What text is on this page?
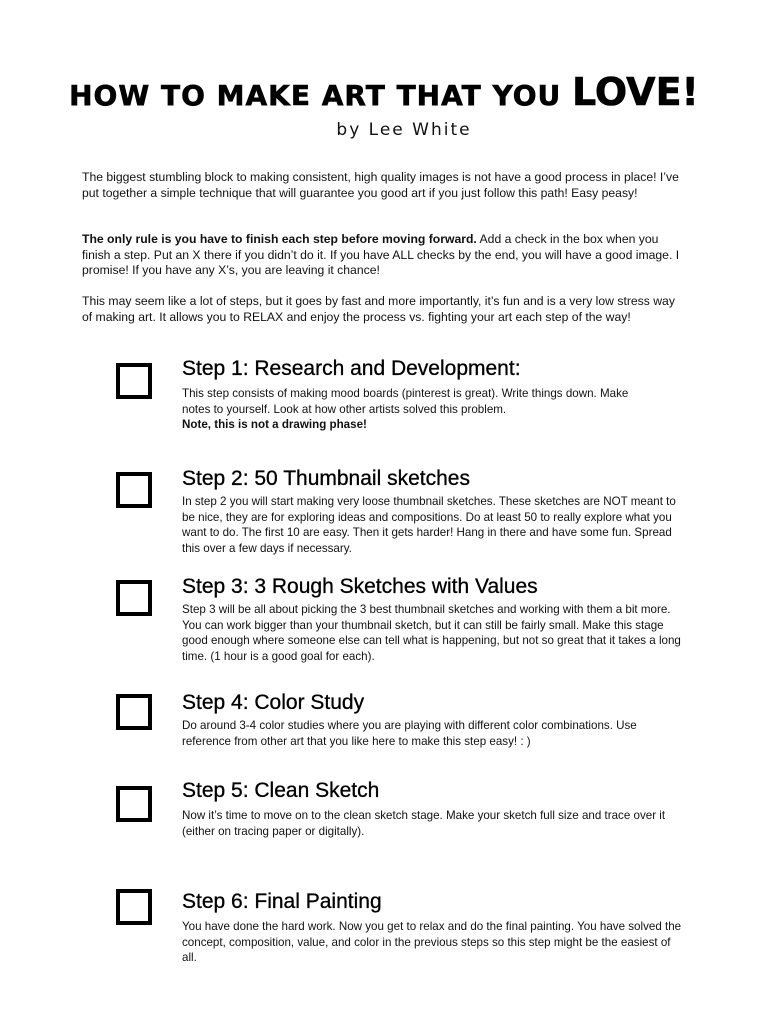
HOW TO MAKE ART THAT YOU LOVE!
by Lee White

The biggest stumbling block to making consistent, high quality images is not have a good process in place! I’ve put together a simple technique that will guarantee you good art if you just follow this path! Easy peasy!

The only rule is you have to finish each step before moving forward. Add a check in the box when you finish a step. Put an X there if you didn’t do it. If you have ALL checks by the end, you will have a good image. I promise! If you have any X’s, you are leaving it chance!

This may seem like a lot of steps, but it goes by fast and more importantly, it’s fun and is a very low stress way of making art. It allows you to RELAX and enjoy the process vs. fighting your art each step of the way!

Step 1: Research and Development:

This step consists of making mood boards (pinterest is great). Write things down. Make notes to yourself. Look at how other artists solved this problem.
Note, this is not a drawing phase!

Step 2: 50 Thumbnail sketches

In step 2 you will start making very loose thumbnail sketches. These sketches are NOT meant to be nice, they are for exploring ideas and compositions. Do at least 50 to really explore what you want to do. The first 10 are easy. Then it gets harder! Hang in there and have some fun. Spread this over a few days if necessary.

Step 3: 3 Rough Sketches with Values

Step 3 will be all about picking the 3 best thumbnail sketches and working with them a bit more. You can work bigger than your thumbnail sketch, but it can still be fairly small. Make this stage good enough where someone else can tell what is happening, but not so great that it takes a long time. (1 hour is a good goal for each).

Step 4: Color Study

Do around 3-4 color studies where you are playing with different color combinations. Use reference from other art that you like here to make this step easy! : )

Step 5: Clean Sketch

Now it’s time to move on to the clean sketch stage. Make your sketch full size and trace over it (either on tracing paper or digitally).

Step 6: Final Painting

You have done the hard work. Now you get to relax and do the final painting. You have solved the concept, composition, value, and color in the previous steps so this step might be the easiest of all.
